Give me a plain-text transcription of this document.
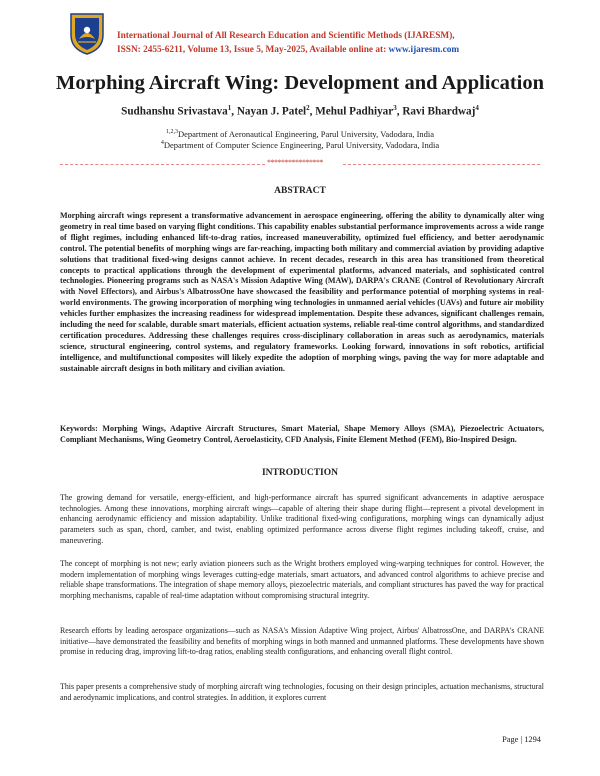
International Journal of All Research Education and Scientific Methods (IJARESM),
ISSN: 2455-6211, Volume 13, Issue 5, May-2025, Available online at: www.ijaresm.com
Morphing Aircraft Wing: Development and Application
Sudhanshu Srivastava$^1$, Nayan J. Patel$^2$, Mehul Padhiyar$^3$, Ravi Bhardwaj$^4$
$^{1,2,3}$Department of Aeronautical Engineering, Parul University, Vadodara, India
$^4$Department of Computer Science Engineering, Parul University, Vadodara, India
****************
ABSTRACT

Morphing aircraft wings represent a transformative advancement in aerospace engineering, offering the ability to dynamically alter wing geometry in real time based on varying flight conditions. This capability enables substantial performance improvements across a wide range of flight regimes, including enhanced lift-to-drag ratios, increased maneuverability, optimized fuel efficiency, and better aerodynamic control. The potential benefits of morphing wings are far-reaching, impacting both military and commercial aviation by providing adaptive solutions that traditional fixed-wing designs cannot achieve. In recent decades, research in this area has transitioned from theoretical concepts to practical applications through the development of experimental platforms, advanced materials, and sophisticated control technologies. Pioneering programs such as NASA's Mission Adaptive Wing (MAW), DARPA's CRANE (Control of Revolutionary Aircraft with Novel Effectors), and Airbus's AlbatrossOne have showcased the feasibility and performance potential of morphing systems in real-world environments. The growing incorporation of morphing wing technologies in unmanned aerial vehicles (UAVs) and future air mobility vehicles further emphasizes the increasing readiness for widespread implementation. Despite these advances, significant challenges remain, including the need for scalable, durable smart materials, efficient actuation systems, reliable real-time control algorithms, and standardized certification procedures. Addressing these challenges requires cross-disciplinary collaboration in areas such as aerodynamics, materials science, structural engineering, control systems, and regulatory frameworks. Looking forward, innovations in soft robotics, artificial intelligence, and multifunctional composites will likely expedite the adoption of morphing wings, paving the way for more adaptable and sustainable aircraft designs in both military and civilian aviation.

Keywords: Morphing Wings, Adaptive Aircraft Structures, Smart Material, Shape Memory Alloys (SMA), Piezoelectric Actuators, Compliant Mechanisms, Wing Geometry Control, Aeroelasticity, CFD Analysis, Finite Element Method (FEM), Bio-Inspired Design.

INTRODUCTION

The growing demand for versatile, energy-efficient, and high-performance aircraft has spurred significant advancements in adaptive aerospace technologies. Among these innovations, morphing aircraft wings—capable of altering their shape during flight—represent a pivotal development in enhancing aerodynamic efficiency and mission adaptability. Unlike traditional fixed-wing configurations, morphing wings can dynamically adjust parameters such as span, chord, camber, and twist, enabling optimized performance across diverse flight regimes including takeoff, cruise, and maneuvering.

The concept of morphing is not new; early aviation pioneers such as the Wright brothers employed wing-warping techniques for control. However, the modern implementation of morphing wings leverages cutting-edge materials, smart actuators, and advanced control algorithms to achieve precise and reliable shape transformations. The integration of shape memory alloys, piezoelectric materials, and compliant structures has paved the way for practical morphing mechanisms, capable of real-time adaptation without compromising structural integrity.

Research efforts by leading aerospace organizations—such as NASA's Mission Adaptive Wing project, Airbus' AlbatrossOne, and DARPA's CRANE initiative—have demonstrated the feasibility and benefits of morphing wings in both manned and unmanned platforms. These developments have shown promise in reducing drag, improving lift-to-drag ratios, enabling stealth configurations, and enhancing overall flight control.

This paper presents a comprehensive study of morphing aircraft wing technologies, focusing on their design principles, actuation mechanisms, structural and aerodynamic implications, and control strategies. In addition, it explores current

Page | 1294
